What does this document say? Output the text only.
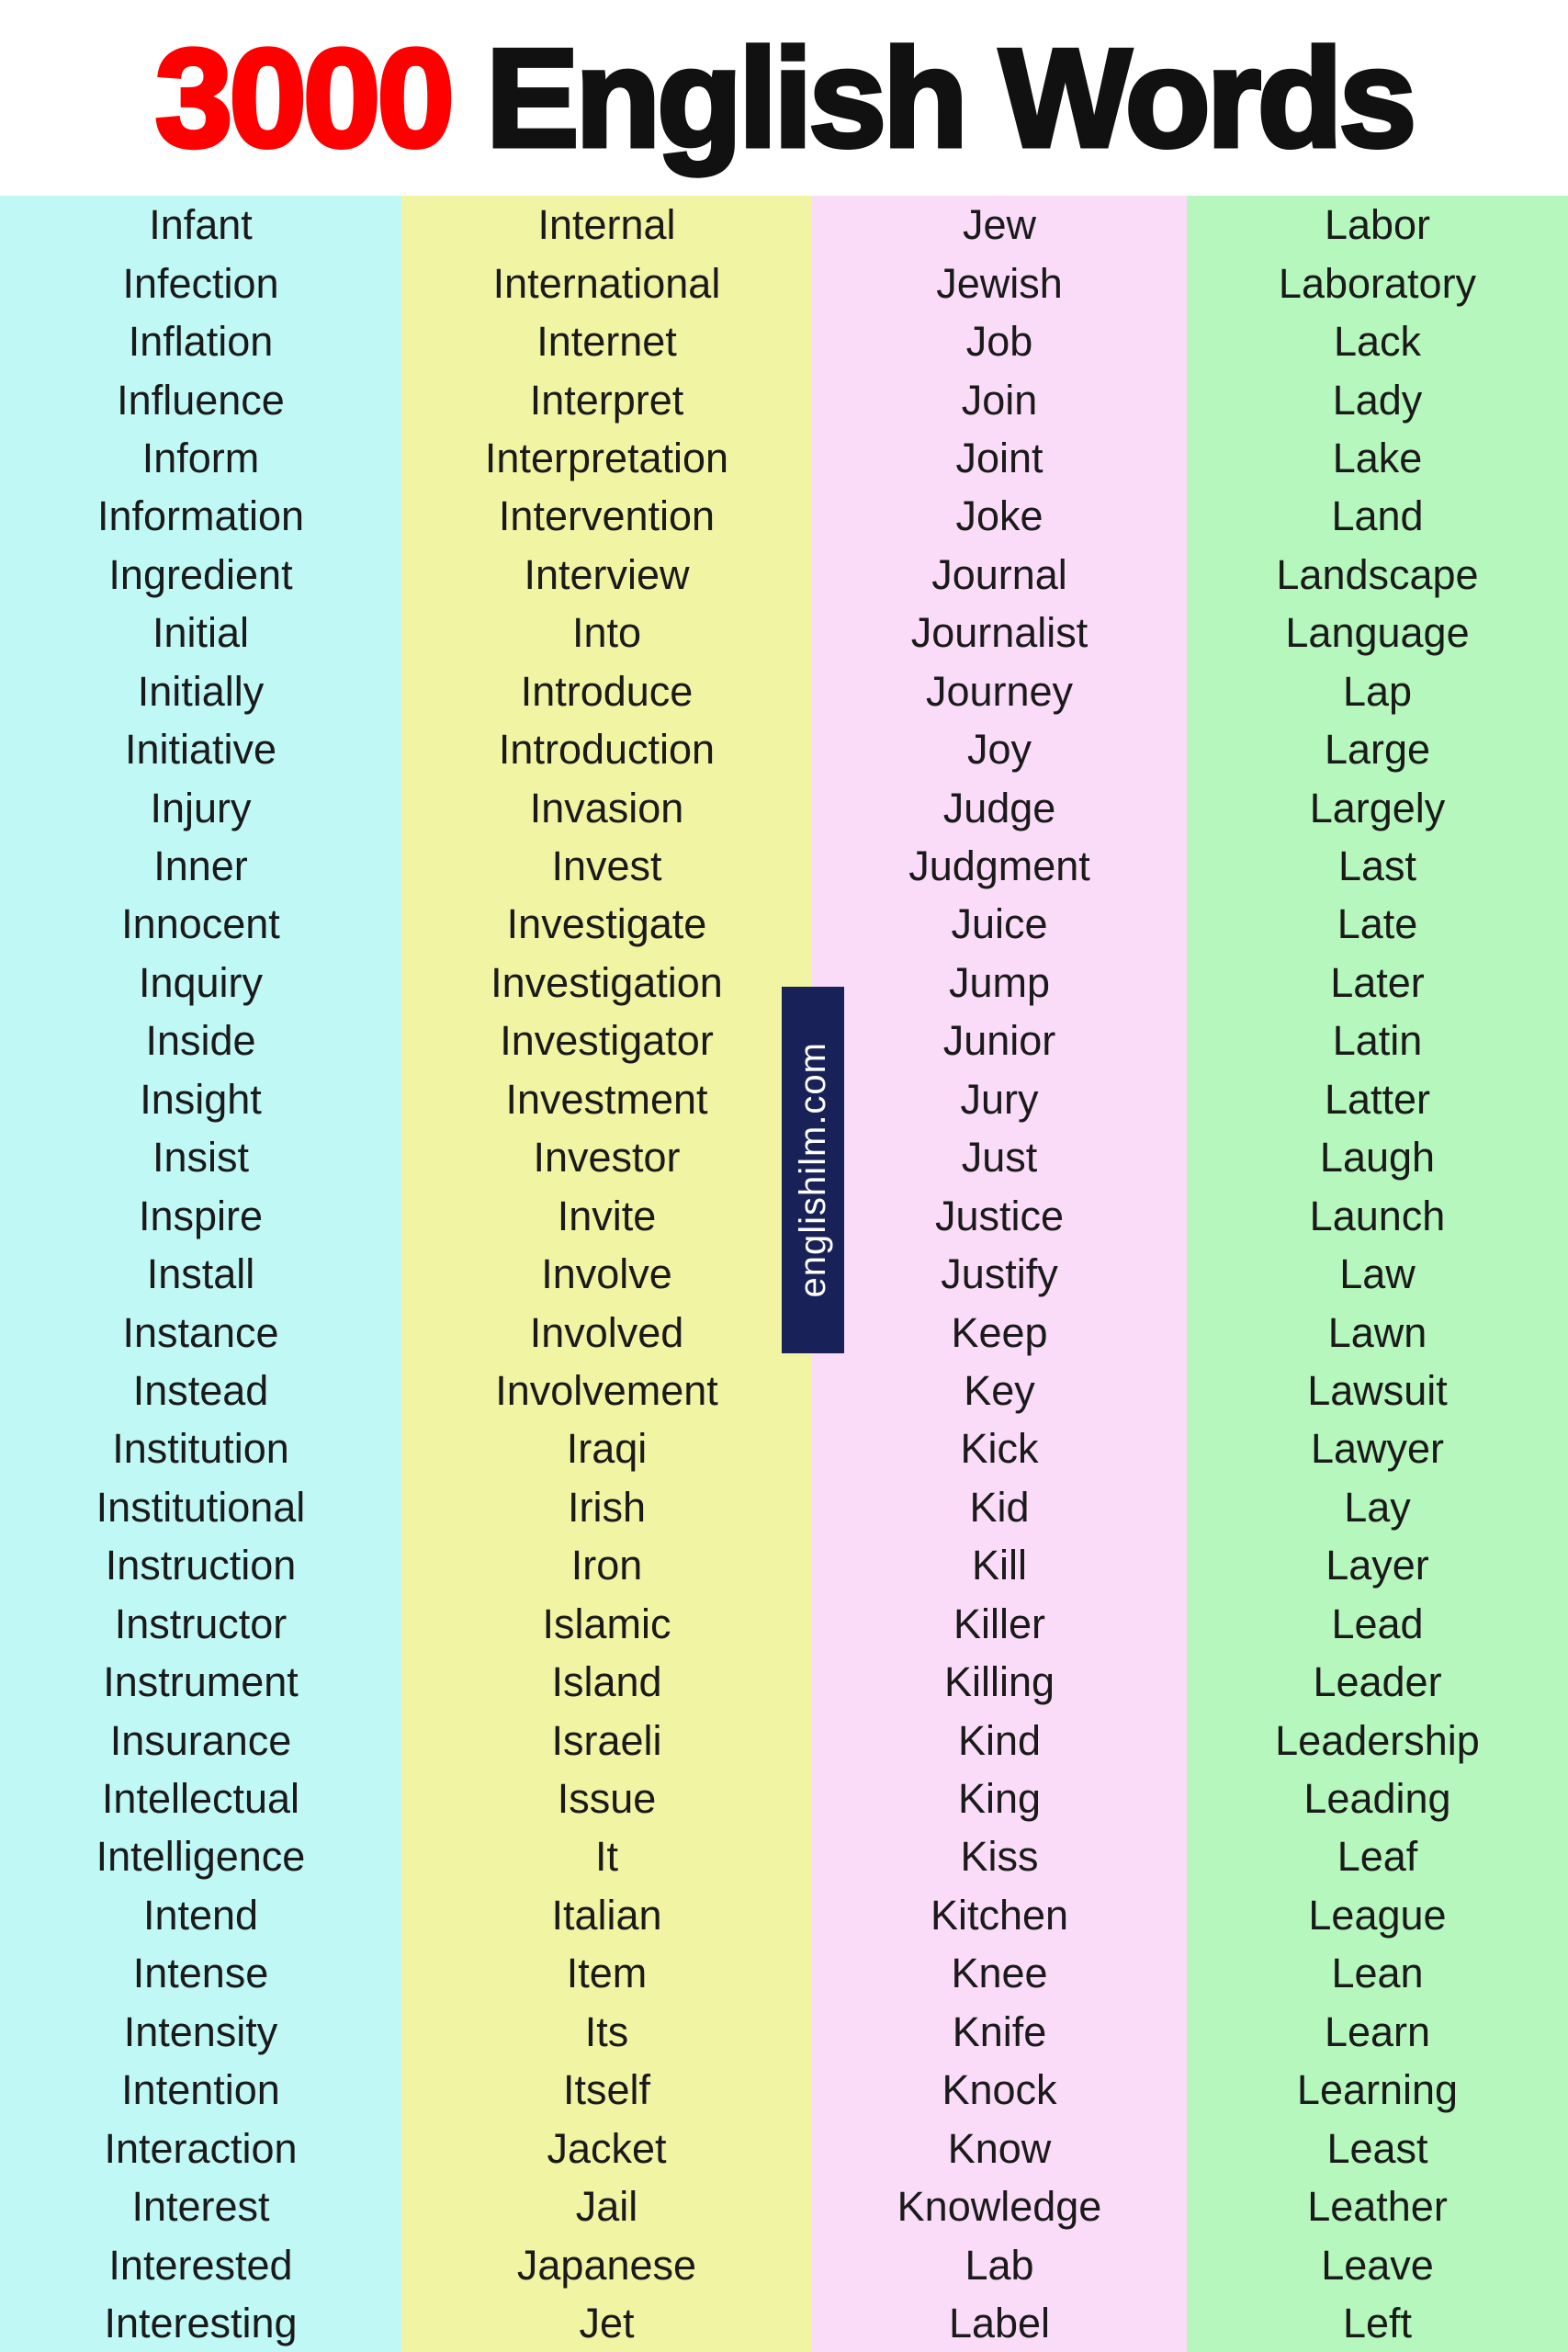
3000 English Words
Infant
Infection
Inflation
Influence
Inform
Information
Ingredient
Initial
Initially
Initiative
Injury
Inner
Innocent
Inquiry
Inside
Insight
Insist
Inspire
Install
Instance
Instead
Institution
Institutional
Instruction
Instructor
Instrument
Insurance
Intellectual
Intelligence
Intend
Intense
Intensity
Intention
Interaction
Interest
Interested
Interesting
Internal
International
Internet
Interpret
Interpretation
Intervention
Interview
Into
Introduce
Introduction
Invasion
Invest
Investigate
Investigation
Investigator
Investment
Investor
Invite
Involve
Involved
Involvement
Iraqi
Irish
Iron
Islamic
Island
Israeli
Issue
It
Italian
Item
Its
Itself
Jacket
Jail
Japanese
Jet
Jew
Jewish
Job
Join
Joint
Joke
Journal
Journalist
Journey
Joy
Judge
Judgment
Juice
Jump
Junior
Jury
Just
Justice
Justify
Keep
Key
Kick
Kid
Kill
Killer
Killing
Kind
King
Kiss
Kitchen
Knee
Knife
Knock
Know
Knowledge
Lab
Label
Labor
Laboratory
Lack
Lady
Lake
Land
Landscape
Language
Lap
Large
Largely
Last
Late
Later
Latin
Latter
Laugh
Launch
Law
Lawn
Lawsuit
Lawyer
Lay
Layer
Lead
Leader
Leadership
Leading
Leaf
League
Lean
Learn
Learning
Least
Leather
Leave
Left
englishilm.com
